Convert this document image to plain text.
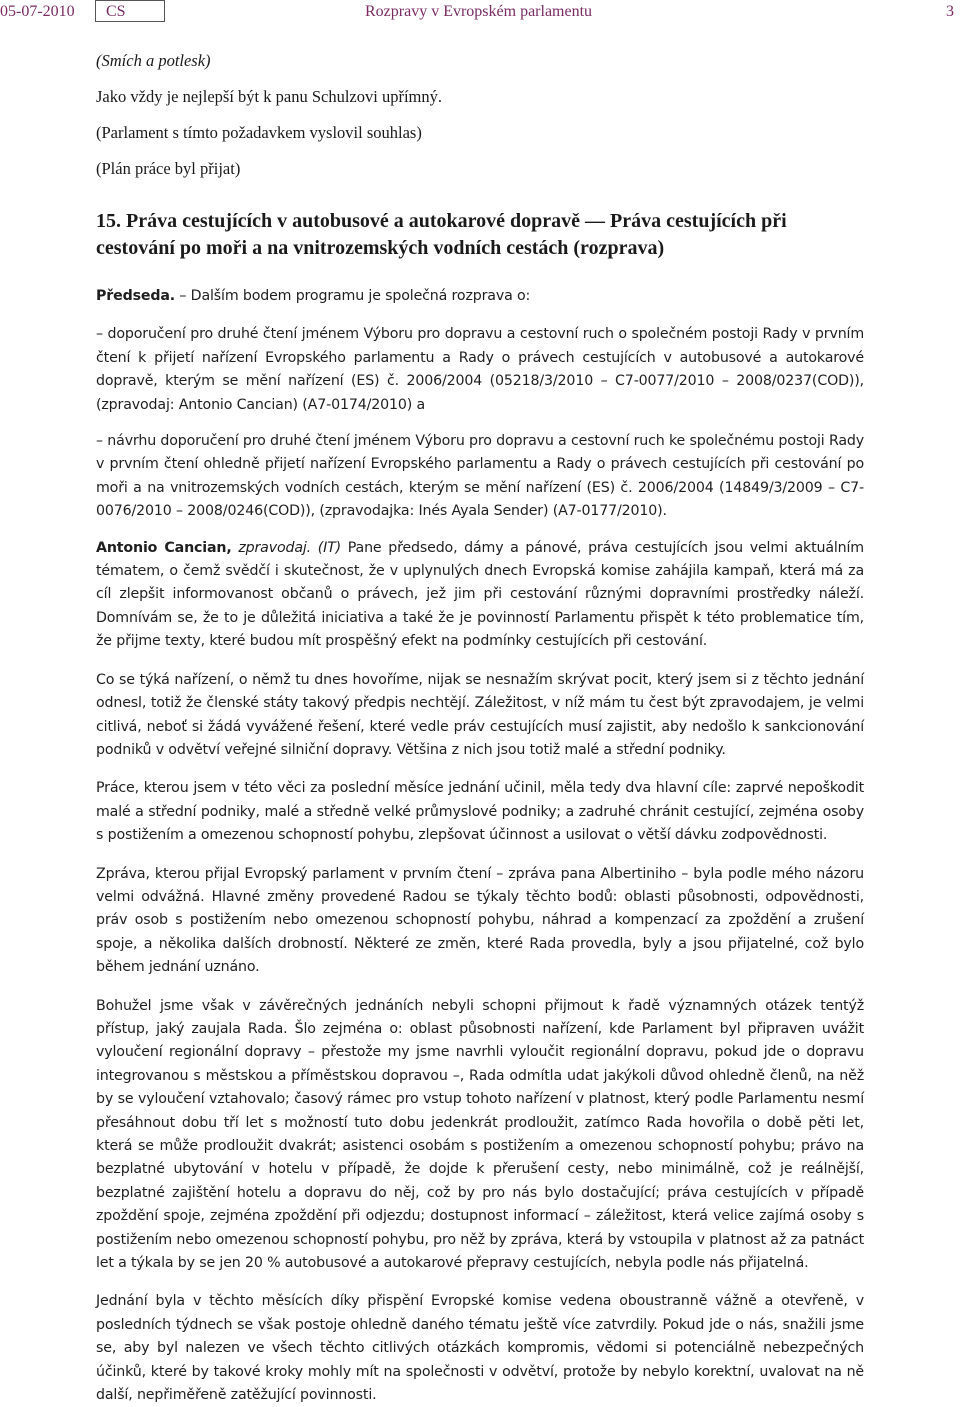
05-07-2010	CS	Rozpravy v Evropském parlamentu	3

(Smích a potlesk)

Jako vždy je nejlepší být k panu Schulzovi upřímný.

(Parlament s tímto požadavkem vyslovil souhlas)

(Plán práce byl přijat)

15. Práva cestujících v autobusové a autokarové dopravě — Práva cestujících při cestování po moři a na vnitrozemských vodních cestách (rozprava)

Předseda. – Dalším bodem programu je společná rozprava o:

– doporučení pro druhé čtení jménem Výboru pro dopravu a cestovní ruch o společném postoji Rady v prvním čtení k přijetí nařízení Evropského parlamentu a Rady o právech cestujících v autobusové a autokarové dopravě, kterým se mění nařízení (ES) č. 2006/2004 (05218/3/2010 – C7-0077/2010 – 2008/0237(COD)), (zpravodaj: Antonio Cancian) (A7-0174/2010) a

– návrhu doporučení pro druhé čtení jménem Výboru pro dopravu a cestovní ruch ke společnému postoji Rady v prvním čtení ohledně přijetí nařízení Evropského parlamentu a Rady o právech cestujících při cestování po moři a na vnitrozemských vodních cestách, kterým se mění nařízení (ES) č. 2006/2004 (14849/3/2009 – C7-0076/2010 – 2008/0246(COD)), (zpravodajka: Inés Ayala Sender) (A7-0177/2010).

Antonio Cancian, zpravodaj. (IT) Pane předsedo, dámy a pánové, práva cestujících jsou velmi aktuálním tématem, o čemž svědčí i skutečnost, že v uplynulých dnech Evropská komise zahájila kampaň, která má za cíl zlepšit informovanost občanů o právech, jež jim při cestování různými dopravními prostředky náleží. Domnívám se, že to je důležitá iniciativa a také že je povinností Parlamentu přispět k této problematice tím, že přijme texty, které budou mít prospěšný efekt na podmínky cestujících při cestování.

Co se týká nařízení, o němž tu dnes hovoříme, nijak se nesnažím skrývat pocit, který jsem si z těchto jednání odnesl, totiž že členské státy takový předpis nechtějí. Záležitost, v níž mám tu čest být zpravodajem, je velmi citlivá, neboť si žádá vyvážené řešení, které vedle práv cestujících musí zajistit, aby nedošlo k sankcionování podniků v odvětví veřejné silniční dopravy. Většina z nich jsou totiž malé a střední podniky.

Práce, kterou jsem v této věci za poslední měsíce jednání učinil, měla tedy dva hlavní cíle: zaprvé nepoškodit malé a střední podniky, malé a středně velké průmyslové podniky; a zadruhé chránit cestující, zejména osoby s postižením a omezenou schopností pohybu, zlepšovat účinnost a usilovat o větší dávku zodpovědnosti.

Zpráva, kterou přijal Evropský parlament v prvním čtení – zpráva pana Albertiniho – byla podle mého názoru velmi odvážná. Hlavné změny provedené Radou se týkaly těchto bodů: oblasti působnosti, odpovědnosti, práv osob s postižením nebo omezenou schopností pohybu, náhrad a kompenzací za zpoždění a zrušení spoje, a několika dalších drobností. Některé ze změn, které Rada provedla, byly a jsou přijatelné, což bylo během jednání uznáno.

Bohužel jsme však v závěrečných jednáních nebyli schopni přijmout k řadě významných otázek tentýž přístup, jaký zaujala Rada. Šlo zejména o: oblast působnosti nařízení, kde Parlament byl připraven uvážit vyloučení regionální dopravy – přestože my jsme navrhli vyloučit regionální dopravu, pokud jde o dopravu integrovanou s městskou a příměstskou dopravou –, Rada odmítla udat jakýkoli důvod ohledně členů, na něž by se vyloučení vztahovalo; časový rámec pro vstup tohoto nařízení v platnost, který podle Parlamentu nesmí přesáhnout dobu tří let s možností tuto dobu jedenkrát prodloužit, zatímco Rada hovořila o době pěti let, která se může prodloužit dvakrát; asistenci osobám s postižením a omezenou schopností pohybu; právo na bezplatné ubytování v hotelu v případě, že dojde k přerušení cesty, nebo minimálně, což je reálnější, bezplatné zajištění hotelu a dopravu do něj, což by pro nás bylo dostačující; práva cestujících v případě zpoždění spoje, zejména zpoždění při odjezdu; dostupnost informací – záležitost, která velice zajímá osoby s postižením nebo omezenou schopností pohybu, pro něž by zpráva, která by vstoupila v platnost až za patnáct let a týkala by se jen 20 % autobusové a autokarové přepravy cestujících, nebyla podle nás přijatelná.

Jednání byla v těchto měsících díky přispění Evropské komise vedena oboustranně vážně a otevřeně, v posledních týdnech se však postoje ohledně daného tématu ještě více zatvrdily. Pokud jde o nás, snažili jsme se, aby byl nalezen ve všech těchto citlivých otázkách kompromis, vědomi si potenciálně nebezpečných účinků, které by takové kroky mohly mít na společnosti v odvětví, protože by nebylo korektní, uvalovat na ně další, nepřiměřeně zatěžující povinnosti.
